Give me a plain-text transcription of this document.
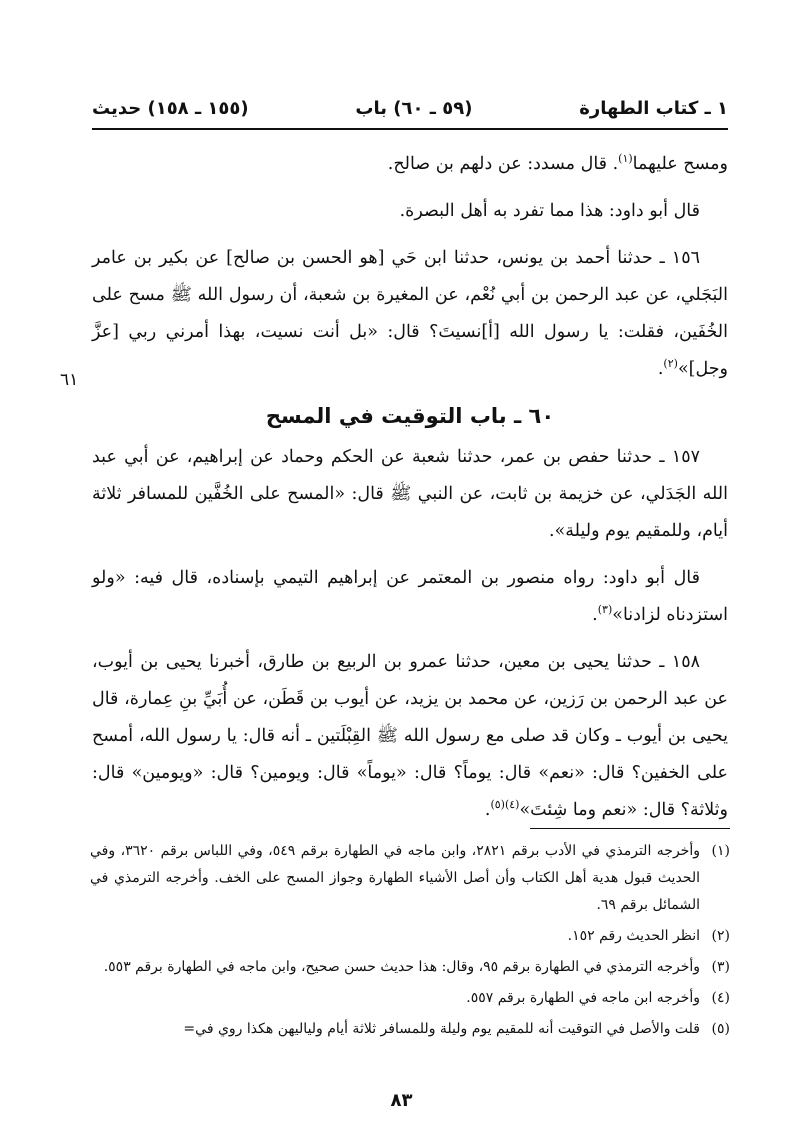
١ ـ كتاب الطهارة
(٥٩ ـ ٦٠) باب
(١٥٥ ـ ١٥٨) حديث
٦١

ومسح عليهما$^{(١)}$. قال مسدد: عن دلهم بن صالح.

قال أبو داود: هذا مما تفرد به أهل البصرة.

١٥٦ ـ حدثنا أحمد بن يونس، حدثنا ابن حَي [هو الحسن بن صالح] عن بكير بن عامر البَجَلي، عن عبد الرحمن بن أبي نُعْم، عن المغيرة بن شعبة، أن رسول الله ﷺ مسح على الخُفَين، فقلت: يا رسول الله [أ]نسيتَ؟ قال: «بل أنت نسيت، بهذا أمرني ربي [عزَّ وجل]»$^{(٢)}$.

٦٠ ـ باب التوقيت في المسح

١٥٧ ـ حدثنا حفص بن عمر، حدثنا شعبة عن الحكم وحماد عن إبراهيم، عن أبي عبد الله الجَدَلي، عن خزيمة بن ثابت، عن النبي ﷺ قال: «المسح على الخُفَّين للمسافر ثلاثة أيام، وللمقيم يوم وليلة».

قال أبو داود: رواه منصور بن المعتمر عن إبراهيم التيمي بإسناده، قال فيه: «ولو استزدناه لزادنا»$^{(٣)}$.

١٥٨ ـ حدثنا يحيى بن معين، حدثنا عمرو بن الربيع بن طارق، أخبرنا يحيى بن أيوب، عن عبد الرحمن بن رَزين، عن محمد بن يزيد، عن أيوب بن قَطَن، عن أُبَيِّ بنِ عِمارة، قال يحيى بن أيوب ـ وكان قد صلى مع رسول الله ﷺ القِبْلَتين ـ أنه قال: يا رسول الله، أمسح على الخفين؟ قال: «نعم» قال: يوماً؟ قال: «يوماً» قال: ويومين؟ قال: «ويومين» قال: وثلاثة؟ قال: «نعم وما شِئتَ»$^{(٤)(٥)}$.

(١)
وأخرجه الترمذي في الأدب برقم ٢٨٢١، وابن ماجه في الطهارة برقم ٥٤٩، وفي اللباس برقم ٣٦٢٠، وفي الحديث قبول هدية أهل الكتاب وأن أصل الأشياء الطهارة وجواز المسح على الخف. وأخرجه الترمذي في الشمائل برقم ٦٩.
(٢)
انظر الحديث رقم ١٥٢.
(٣)
وأخرجه الترمذي في الطهارة برقم ٩٥، وقال: هذا حديث حسن صحيح، وابن ماجه في الطهارة برقم ٥٥٣.
(٤)
وأخرجه ابن ماجه في الطهارة برقم ٥٥٧.
(٥)
قلت والأصل في التوقيت أنه للمقيم يوم وليلة وللمسافر ثلاثة أيام ولياليهن هكذا روي في=
٨٣
